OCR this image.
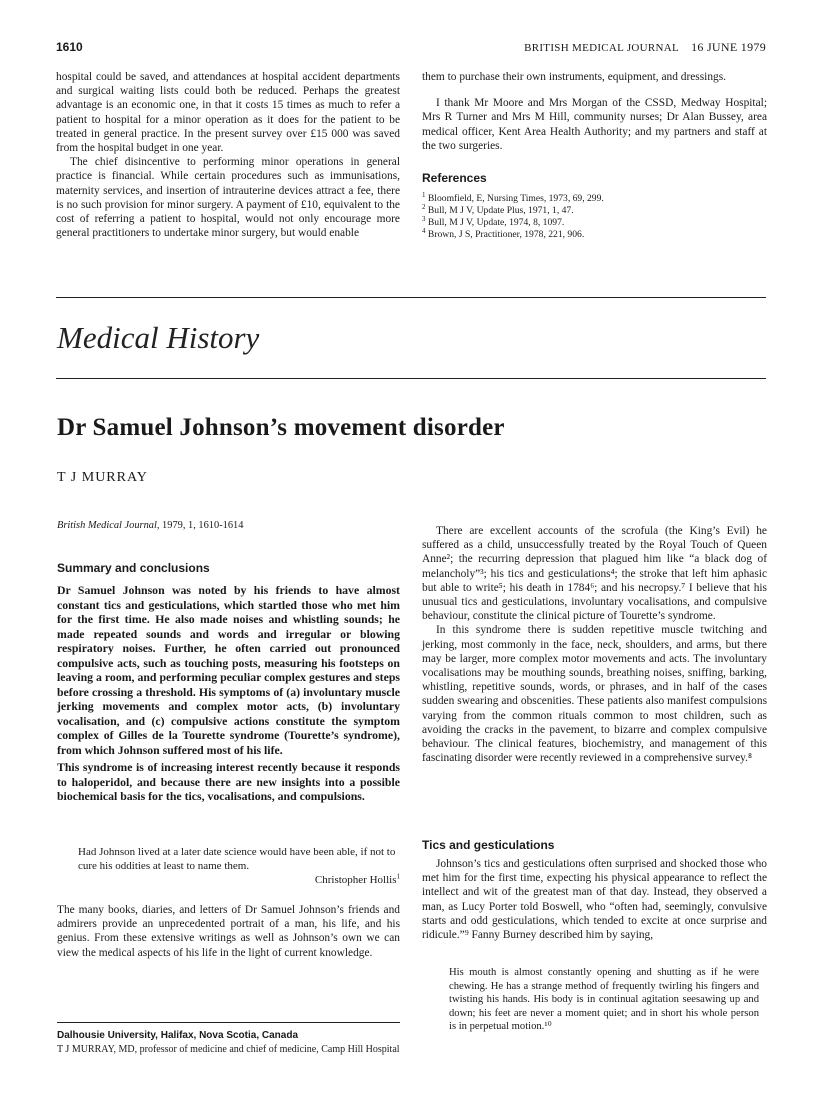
1610	BRITISH MEDICAL JOURNAL 16 JUNE 1979

hospital could be saved, and attendances at hospital accident departments and surgical waiting lists could both be reduced. Perhaps the greatest advantage is an economic one, in that it costs 15 times as much to refer a patient to hospital for a minor operation as it does for the patient to be treated in general practice. In the present survey over £15 000 was saved from the hospital budget in one year.

The chief disincentive to performing minor operations in general practice is financial. While certain procedures such as immunisations, maternity services, and insertion of intrauterine devices attract a fee, there is no such provision for minor surgery. A payment of £10, equivalent to the cost of referring a patient to hospital, would not only encourage more general practitioners to undertake minor surgery, but would enable

them to purchase their own instruments, equipment, and dressings.

I thank Mr Moore and Mrs Morgan of the CSSD, Medway Hospital; Mrs R Turner and Mrs M Hill, community nurses; Dr Alan Bussey, area medical officer, Kent Area Health Authority; and my partners and staff at the two surgeries.

References
$^1$ Bloomfield, E, Nursing Times, 1973, 69, 299.
$^2$ Bull, M J V, Update Plus, 1971, 1, 47.
$^3$ Bull, M J V, Update, 1974, 8, 1097.
$^4$ Brown, J S, Practitioner, 1978, 221, 906.
Medical History
Dr Samuel Johnson’s movement disorder
T J MURRAY
British Medical Journal, 1979, 1, 1610-1614
Summary and conclusions

Dr Samuel Johnson was noted by his friends to have almost constant tics and gesticulations, which startled those who met him for the first time. He also made noises and whistling sounds; he made repeated sounds and words and irregular or blowing respiratory noises. Further, he often carried out pronounced compulsive acts, such as touching posts, measuring his footsteps on leaving a room, and performing peculiar complex gestures and steps before crossing a threshold. His symptoms of (a) involuntary muscle jerking movements and complex motor acts, (b) involuntary vocalisation, and (c) compulsive actions constitute the symptom complex of Gilles de la Tourette syndrome (Tourette’s syndrome), from which Johnson suffered most of his life.

This syndrome is of increasing interest recently because it responds to haloperidol, and because there are new insights into a possible biochemical basis for the tics, vocalisations, and compulsions.

Had Johnson lived at a later date science would have been able, if not to cure his oddities at least to name them.
Christopher Hollis$^1$

The many books, diaries, and letters of Dr Samuel Johnson’s friends and admirers provide an unprecedented portrait of a man, his life, and his genius. From these extensive writings as well as Johnson’s own we can view the medical aspects of his life in the light of current knowledge.

Dalhousie University, Halifax, Nova Scotia, Canada
T J MURRAY, MD, professor of medicine and chief of medicine, Camp Hill Hospital

There are excellent accounts of the scrofula (the King’s Evil) he suffered as a child, unsuccessfully treated by the Royal Touch of Queen Anne²; the recurring depression that plagued him like “a black dog of melancholy”³; his tics and gesticulations⁴; the stroke that left him aphasic but able to write⁵; his death in 1784⁶; and his necropsy.⁷ I believe that his unusual tics and gesticulations, involuntary vocalisations, and compulsive behaviour, constitute the clinical picture of Tourette’s syndrome.

In this syndrome there is sudden repetitive muscle twitching and jerking, most commonly in the face, neck, shoulders, and arms, but there may be larger, more complex motor movements and acts. The involuntary vocalisations may be mouthing sounds, breathing noises, sniffing, barking, whistling, repetitive sounds, words, or phrases, and in half of the cases sudden swearing and obscenities. These patients also manifest compulsions varying from the common rituals common to most children, such as avoiding the cracks in the pavement, to bizarre and complex compulsive behaviour. The clinical features, biochemistry, and management of this fascinating disorder were recently reviewed in a comprehensive survey.⁸

Tics and gesticulations

Johnson’s tics and gesticulations often surprised and shocked those who met him for the first time, expecting his physical appearance to reflect the intellect and wit of the greatest man of that day. Instead, they observed a man, as Lucy Porter told Boswell, who “often had, seemingly, convulsive starts and odd gesticulations, which tended to excite at once surprise and ridicule.”⁹ Fanny Burney described him by saying,

His mouth is almost constantly opening and shutting as if he were chewing. He has a strange method of frequently twirling his fingers and twisting his hands. His body is in continual agitation seesawing up and down; his feet are never a moment quiet; and in short his whole person is in perpetual motion.¹⁰
